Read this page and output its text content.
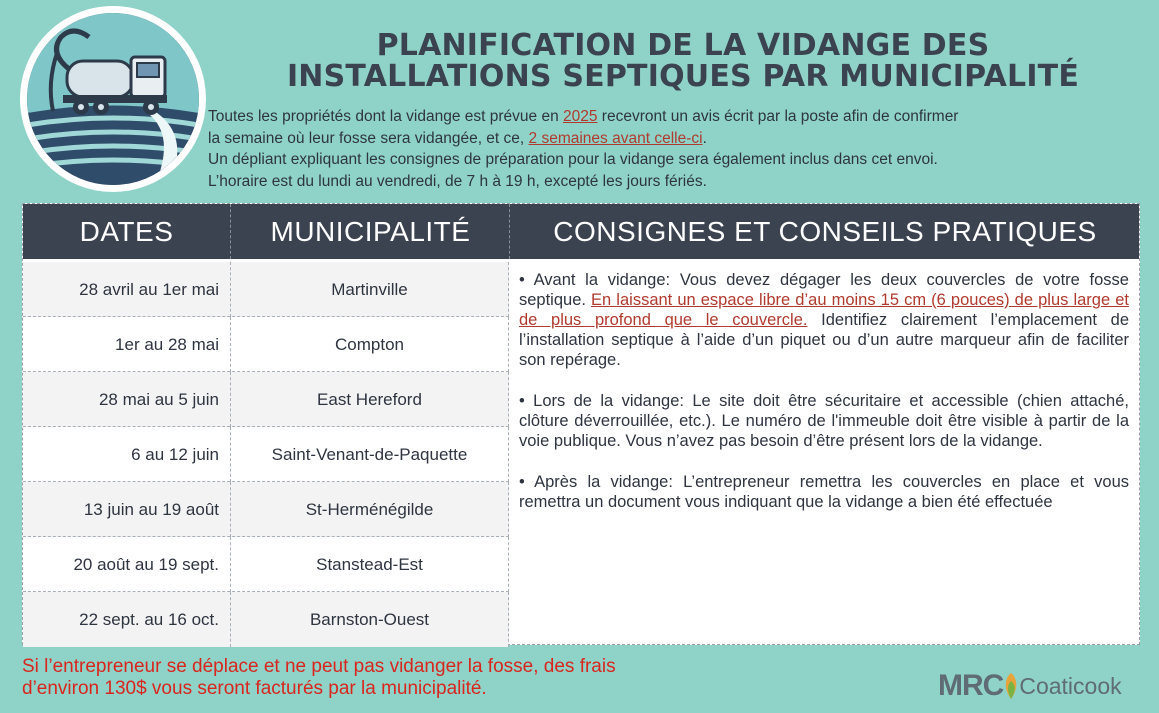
PLANIFICATION DE LA VIDANGE DES
INSTALLATIONS SEPTIQUES PAR MUNICIPALITÉ

Toutes les propriétés dont la vidange est prévue en 2025 recevront un avis écrit par la poste afin de confirmer

la semaine où leur fosse sera vidangée, et ce, 2 semaines avant celle-ci.

Un dépliant expliquant les consignes de préparation pour la vidange sera également inclus dans cet envoi.

L’horaire est du lundi au vendredi, de 7 h à 19 h, excepté les jours fériés.

DATES	MUNICIPALITÉ	CONSIGNES ET CONSEILS PRATIQUES
28 avril au 1er mai	Martinville
1er au 28 mai	Compton
28 mai au 5 juin	East Hereford
6 au 12 juin	Saint-Venant-de-Paquette
13 juin au 19 août	St-Herménégilde
20 août au 19 sept.	Stanstead-Est
22 sept. au 16 oct.	Barnston-Ouest

• Avant la vidange: Vous devez dégager les deux couvercles de votre fosse septique. En laissant un espace libre d’au moins 15 cm (6 pouces) de plus large et de plus profond que le couvercle. Identifiez clairement l’emplacement de l’installation septique à l’aide d’un piquet ou d’un autre marqueur afin de faciliter son repérage.

• Lors de la vidange: Le site doit être sécuritaire et accessible (chien attaché, clôture déverrouillée, etc.). Le numéro de l'immeuble doit être visible à partir de la voie publique. Vous n’avez pas besoin d’être présent lors de la vidange.

• Après la vidange: L’entrepreneur remettra les couvercles en place et vous remettra un document vous indiquant que la vidange a bien été effectuée

Si l’entrepreneur se déplace et ne peut pas vidanger la fosse, des frais
d’environ 130$ vous seront facturés par la municipalité.	MRC Coaticook
